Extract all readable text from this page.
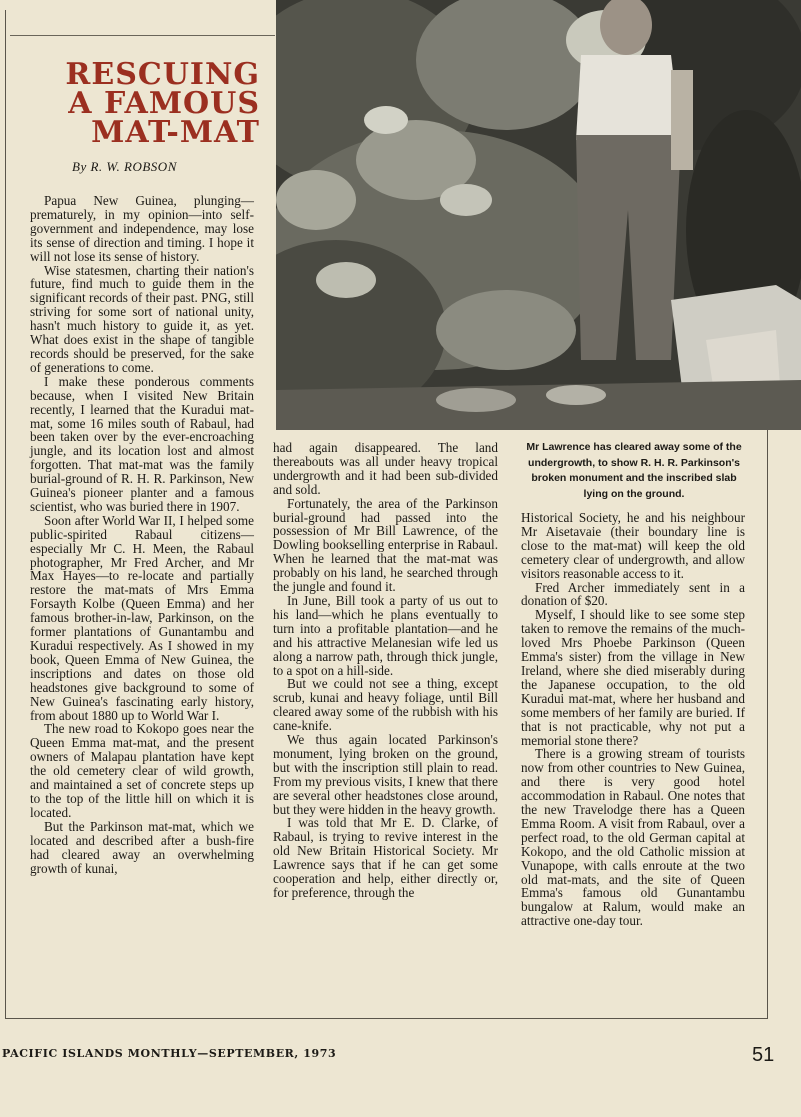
RESCUING
A FAMOUS
MAT-MAT
By R. W. ROBSON

Papua New Guinea, plunging—prematurely, in my opinion—into self-government and independence, may lose its sense of direction and timing. I hope it will not lose its sense of history.

Wise statesmen, charting their nation's future, find much to guide them in the significant records of their past. PNG, still striving for some sort of national unity, hasn't much history to guide it, as yet. What does exist in the shape of tangible records should be preserved, for the sake of generations to come.

I make these ponderous comments because, when I visited New Britain recently, I learned that the Kuradui mat-mat, some 16 miles south of Rabaul, had been taken over by the ever-encroaching jungle, and its location lost and almost forgotten. That mat-mat was the family burial-ground of R. H. R. Parkinson, New Guinea's pioneer planter and a famous scientist, who was buried there in 1907.

Soon after World War II, I helped some public-spirited Rabaul citizens—especially Mr C. H. Meen, the Rabaul photographer, Mr Fred Archer, and Mr Max Hayes—to re-locate and partially restore the mat-mats of Mrs Emma Forsayth Kolbe (Queen Emma) and her famous brother-in-law, Parkinson, on the former plantations of Gunantambu and Kuradui respectively. As I showed in my book, Queen Emma of New Guinea, the inscriptions and dates on those old headstones give background to some of New Guinea's fascinating early history, from about 1880 up to World War I.

The new road to Kokopo goes near the Queen Emma mat-mat, and the present owners of Malapau plantation have kept the old cemetery clear of wild growth, and maintained a set of concrete steps up to the top of the little hill on which it is located.

But the Parkinson mat-mat, which we located and described after a bush-fire had cleared away an overwhelming growth of kunai,

had again disappeared. The land thereabouts was all under heavy tropical undergrowth and it had been sub-divided and sold.

Fortunately, the area of the Parkinson burial-ground had passed into the possession of Mr Bill Lawrence, of the Dowling bookselling enterprise in Rabaul. When he learned that the mat-mat was probably on his land, he searched through the jungle and found it.

In June, Bill took a party of us out to his land—which he plans eventually to turn into a profitable plantation—and he and his attractive Melanesian wife led us along a narrow path, through thick jungle, to a spot on a hill-side.

But we could not see a thing, except scrub, kunai and heavy foliage, until Bill cleared away some of the rubbish with his cane-knife.

We thus again located Parkinson's monument, lying broken on the ground, but with the inscription still plain to read. From my previous visits, I knew that there are several other headstones close around, but they were hidden in the heavy growth.

I was told that Mr E. D. Clarke, of Rabaul, is trying to revive interest in the old New Britain Historical Society. Mr Lawrence says that if he can get some cooperation and help, either directly or, for preference, through the

Mr Lawrence has cleared away some of the undergrowth, to show R. H. R. Parkinson's broken monument and the inscribed slab lying on the ground.

Historical Society, he and his neighbour Mr Aisetavaie (their boundary line is close to the mat-mat) will keep the old cemetery clear of undergrowth, and allow visitors reasonable access to it.

Fred Archer immediately sent in a donation of $20.

Myself, I should like to see some step taken to remove the remains of the much-loved Mrs Phoebe Parkinson (Queen Emma's sister) from the village in New Ireland, where she died miserably during the Japanese occupation, to the old Kuradui mat-mat, where her husband and some members of her family are buried. If that is not practicable, why not put a memorial stone there?

There is a growing stream of tourists now from other countries to New Guinea, and there is very good hotel accommodation in Rabaul. One notes that the new Travelodge there has a Queen Emma Room. A visit from Rabaul, over a perfect road, to the old German capital at Kokopo, and the old Catholic mission at Vunapope, with calls enroute at the two old mat-mats, and the site of Queen Emma's famous old Gunantambu bungalow at Ralum, would make an attractive one-day tour.

PACIFIC ISLANDS MONTHLY—SEPTEMBER, 1973	51
